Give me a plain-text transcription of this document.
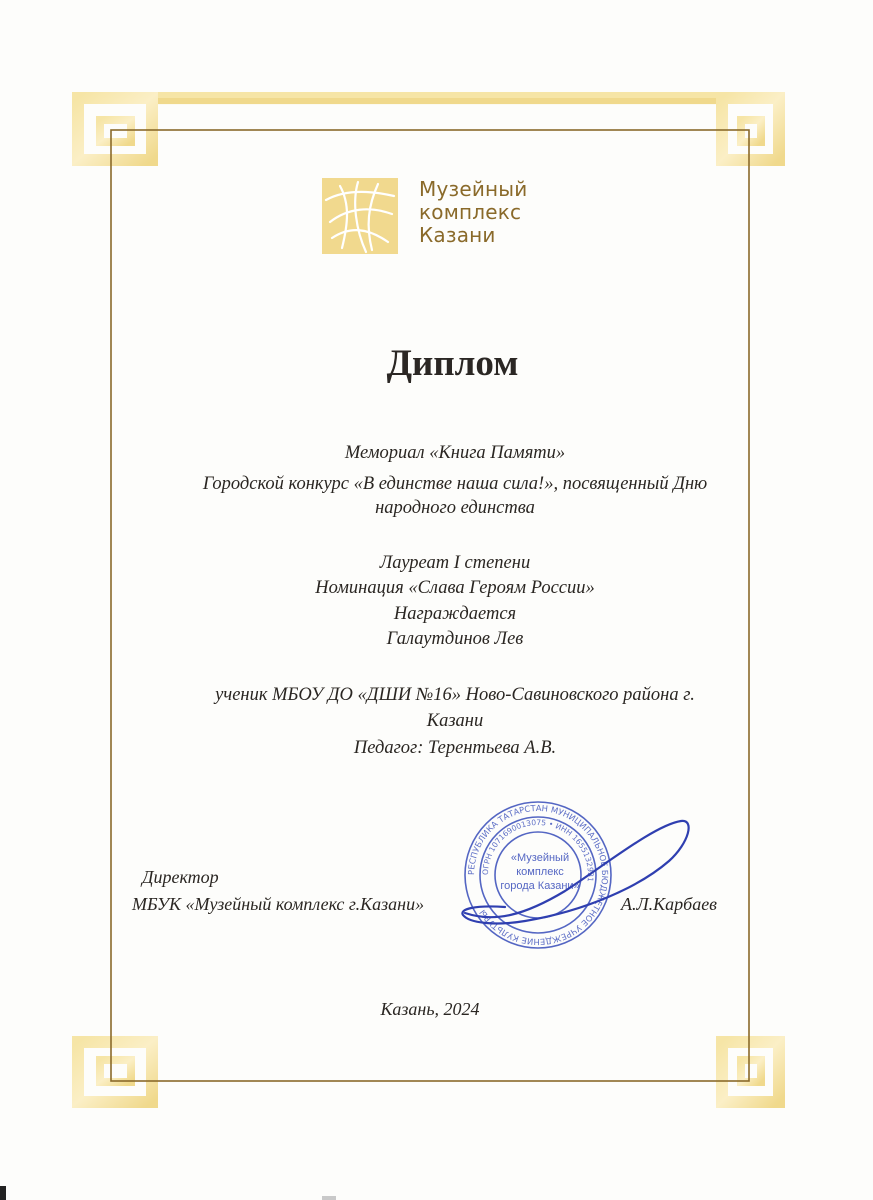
Музейный
комплекс
Казани
Диплом
Мемориал «Книга Памяти»
Городской конкурс «В единстве наша сила!», посвященный Дню
народного единства
Лауреат I степени
Номинация «Слава Героям России»
Награждается
Галаутдинов Лев
ученик МБОУ ДО «ДШИ №16» Ново-Савиновского района г.
Казани
Педагог: Терентьева А.В.
Директор
МБУК «Музейный комплекс г.Казани»	А.Л.Карбаев
РЕСПУБЛИКА ТАТАРСТАН МУНИЦИПАЛЬНОЕ БЮДЖЕТНОЕ УЧРЕЖДЕНИЕ КУЛЬТУРЫ
ОГРН 1071690013075 • ИНН 1655132931
«Музейный
комплекс
города Казани»
Казань, 2024
